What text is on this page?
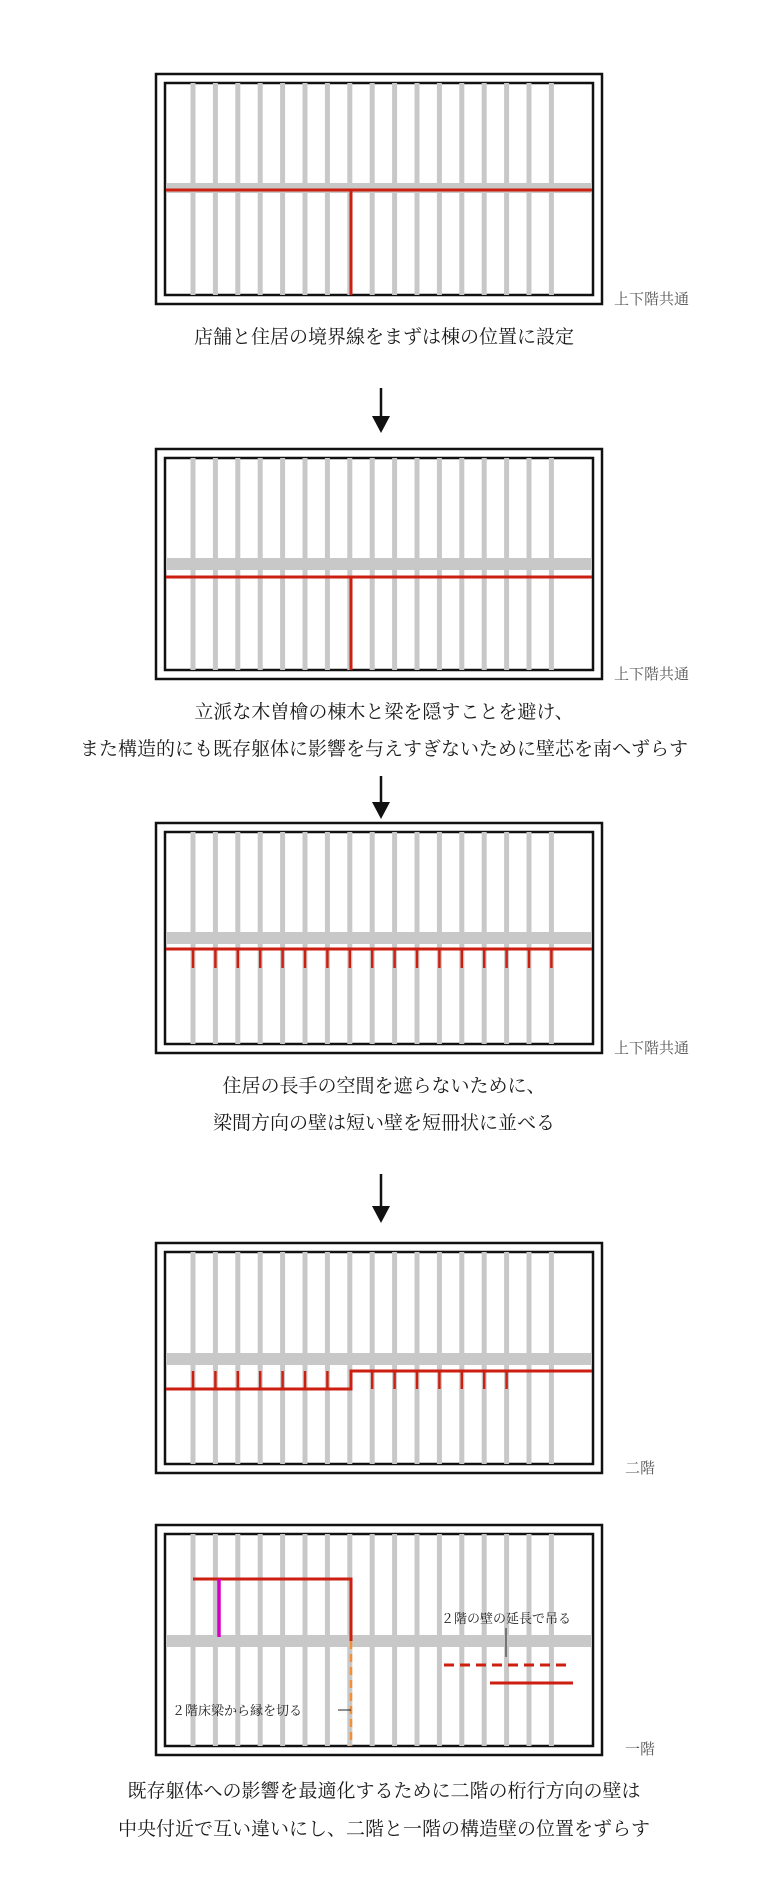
上下階共通
店舗と住居の境界線をまずは棟の位置に設定
上下階共通
立派な木曽檜の棟木と梁を隠すことを避け、
また構造的にも既存躯体に影響を与えすぎないために壁芯を南へずらす
上下階共通
住居の長手の空間を遮らないために、
梁間方向の壁は短い壁を短冊状に並べる
二階
２階の壁の延長で吊る
２階床梁から縁を切る
一階
既存躯体への影響を最適化するために二階の桁行方向の壁は
中央付近で互い違いにし、二階と一階の構造壁の位置をずらす
